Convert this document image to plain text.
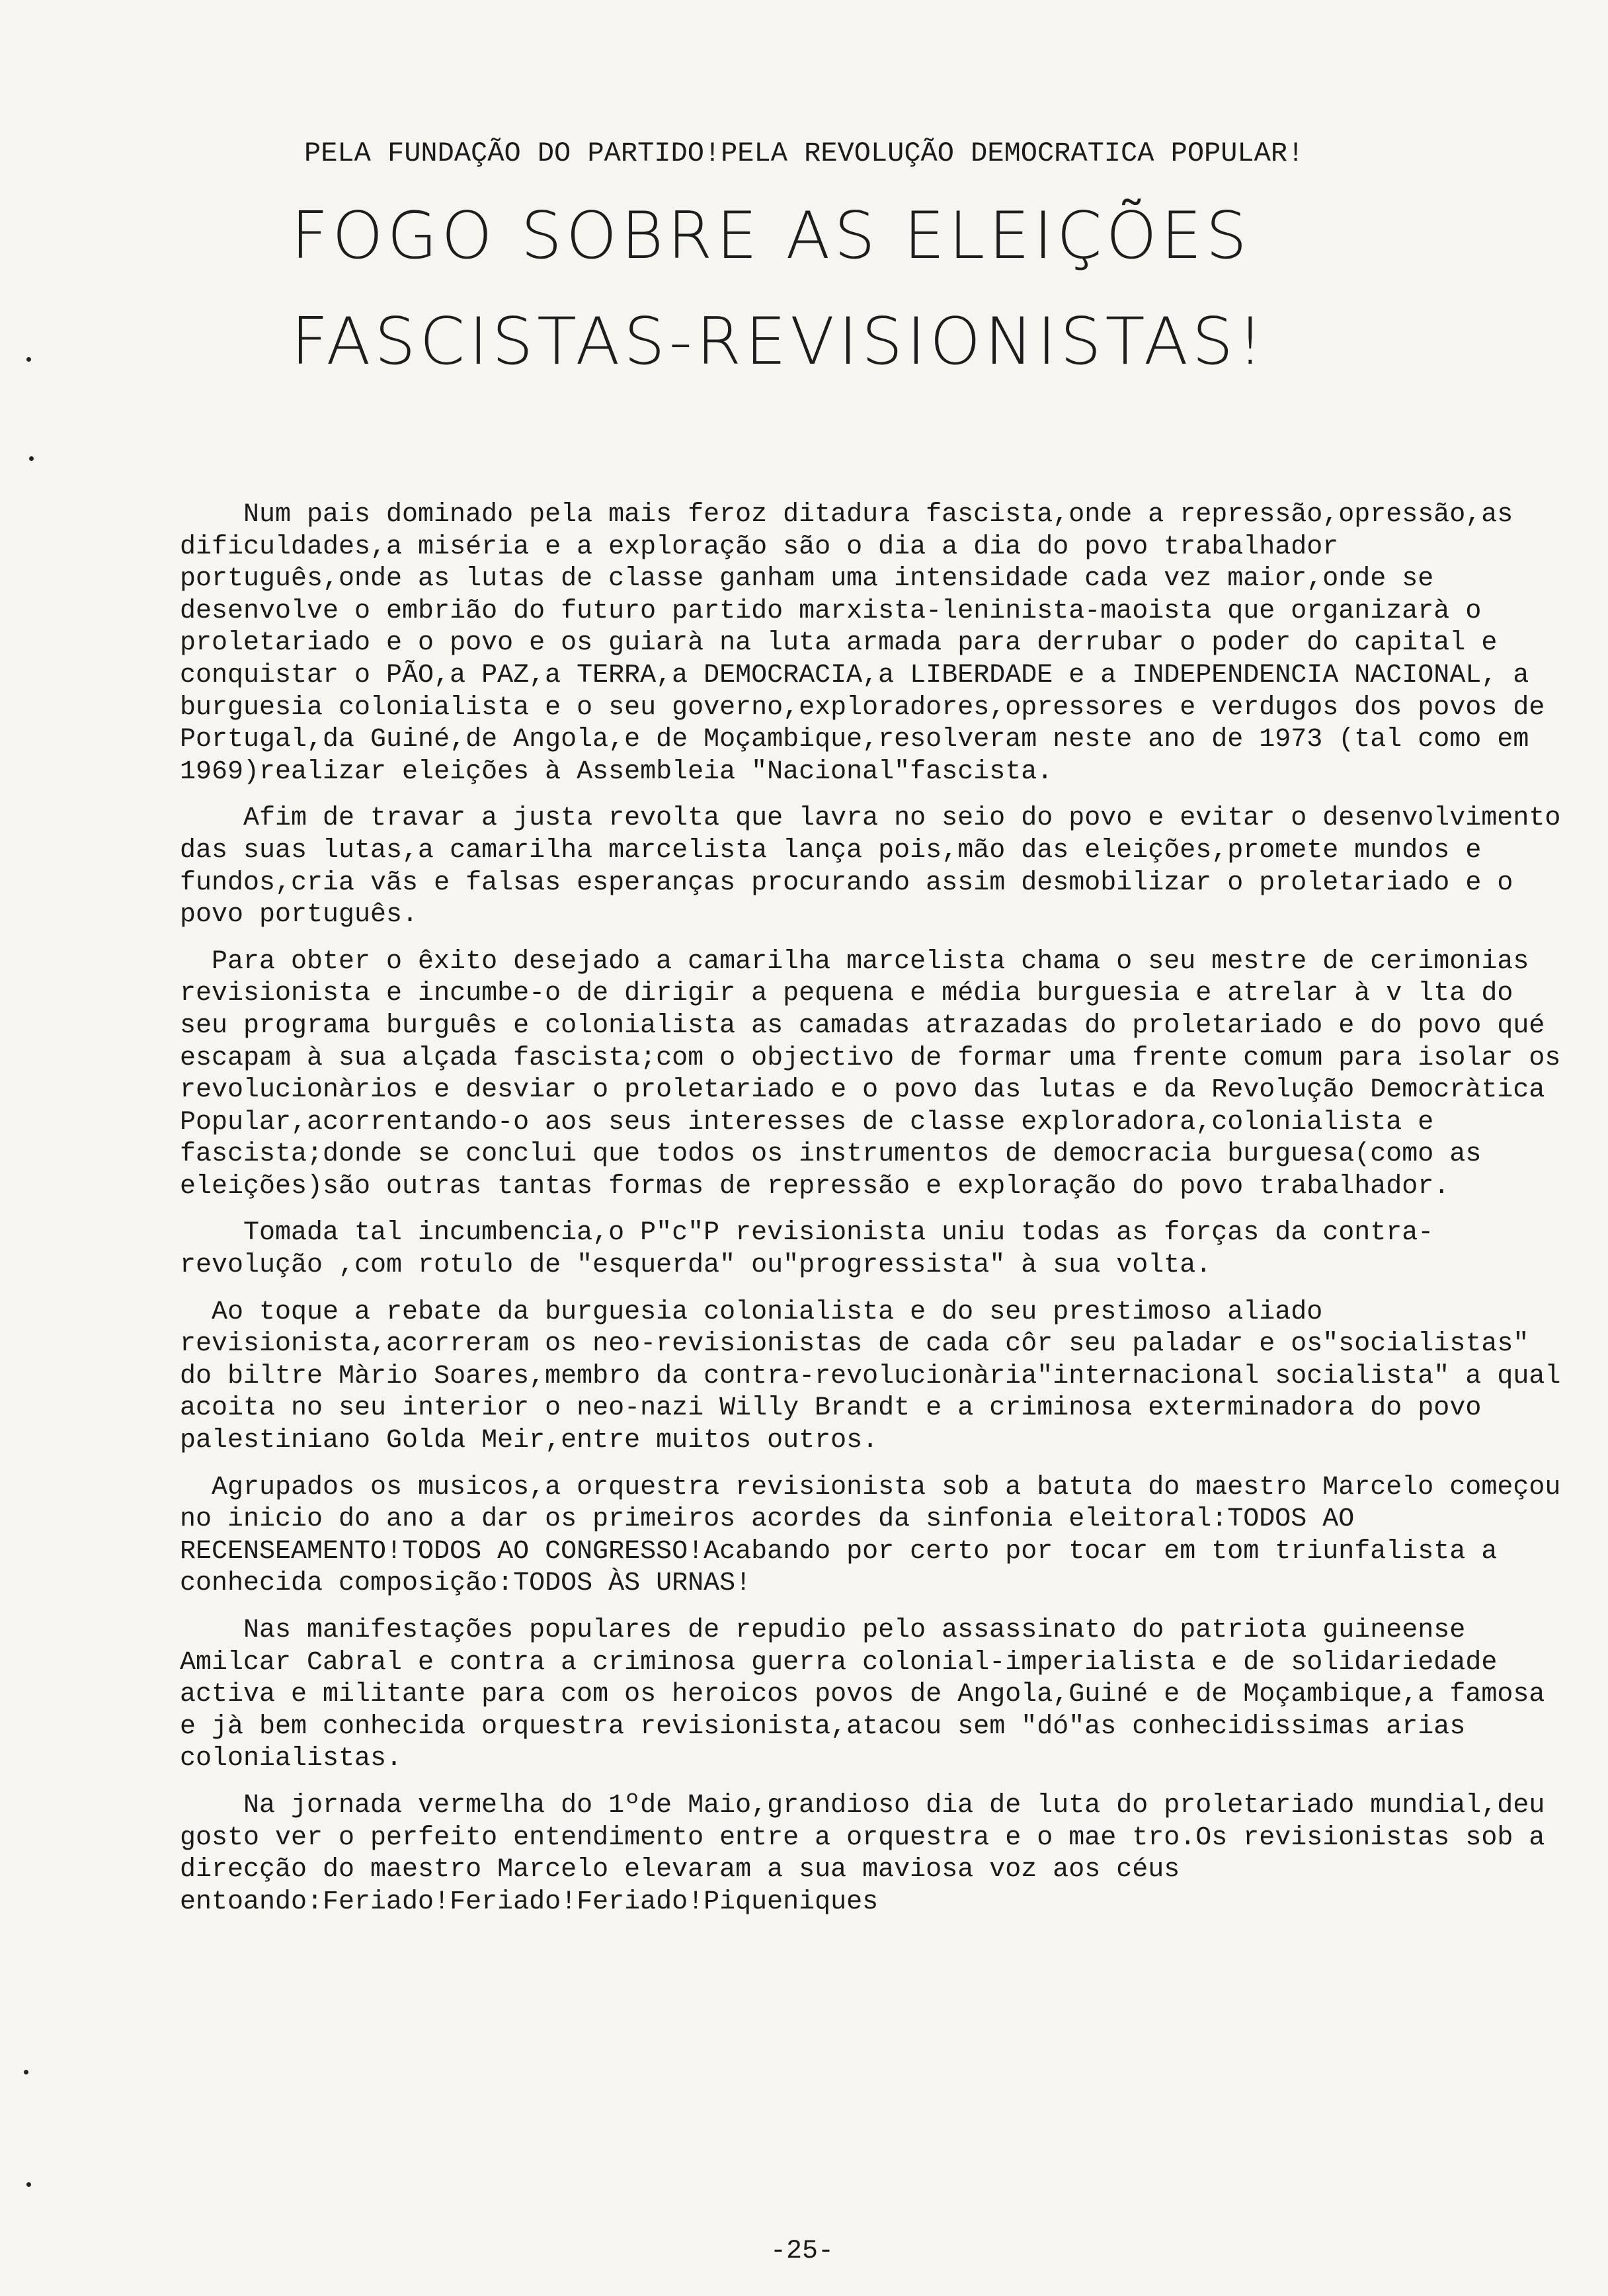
PELA FUNDAÇÃO DO PARTIDO!PELA REVOLUÇÃO DEMOCRATICA POPULAR!
FOGO SOBRE AS ELEIÇÕES
FASCISTAS-REVISIONISTAS!

Num pais dominado pela mais feroz ditadura fascista,onde a repressão,opressão,as dificuldades,a miséria e a exploração são o dia a dia do povo trabalhador português,onde as lutas de classe ganham uma intensidade cada vez maior,onde se desenvolve o embrião do futuro partido marxista-leninista-maoista que organizarà o proletariado e o povo e os guiarà na luta armada para derrubar o poder do capital e conquistar o PÃO,a PAZ,a TERRA,a DEMOCRACIA,a LIBERDADE e a INDEPENDENCIA NACIONAL, a burguesia colonialista e o seu governo,exploradores,opressores e verdugos dos povos de Portugal,da Guiné,de Angola,e de Moçambique,resolveram neste ano de 1973 (tal como em 1969)realizar eleições à Assembleia "Nacional"fascista.

Afim de travar a justa revolta que lavra no seio do povo e evitar o desenvolvimento das suas lutas,a camarilha marcelista lança pois,mão das eleições,promete mundos e fundos,cria vãs e falsas esperanças procurando assim desmobilizar o proletariado e o povo português.

Para obter o êxito desejado a camarilha marcelista chama o seu mestre de cerimonias revisionista e incumbe-o de dirigir a pequena e média burguesia e atrelar à v lta do seu programa burguês e colonialista as camadas atrazadas do proletariado e do povo qué escapam à sua alçada fascista;com o objectivo de formar uma frente comum para isolar os revolucionàrios e desviar o proletariado e o povo das lutas e da Revolução Democràtica Popular,acorrentando-o aos seus interesses de classe exploradora,colonialista e fascista;donde se conclui que todos os instrumentos de democracia burguesa(como as eleições)são outras tantas formas de repressão e exploração do povo trabalhador.

Tomada tal incumbencia,o P"c"P revisionista uniu todas as forças da contra-revolução ,com rotulo de "esquerda" ou"progressista" à sua volta.

Ao toque a rebate da burguesia colonialista e do seu prestimoso aliado revisionista,acorreram os neo-revisionistas de cada côr seu paladar e os"socialistas" do biltre Màrio Soares,membro da contra-revolucionària"internacional socialista" a qual acoita no seu interior o neo-nazi Willy Brandt e a criminosa exterminadora do povo palestiniano Golda Meir,entre muitos outros.

Agrupados os musicos,a orquestra revisionista sob a batuta do maestro Marcelo começou no inicio do ano a dar os primeiros acordes da sinfonia eleitoral:TODOS AO RECENSEAMENTO!TODOS AO CONGRESSO!Acabando por certo por tocar em tom triunfalista a conhecida composição:TODOS ÀS URNAS!

Nas manifestações populares de repudio pelo assassinato do patriota guineense Amilcar Cabral e contra a criminosa guerra colonial-imperialista e de solidariedade activa e militante para com os heroicos povos de Angola,Guiné e de Moçambique,a famosa e jà bem conhecida orquestra revisionista,atacou sem "dó"as conhecidissimas arias colonialistas.

Na jornada vermelha do 1ºde Maio,grandioso dia de luta do proletariado mundial,deu gosto ver o perfeito entendimento entre a orquestra e o mae tro.Os revisionistas sob a direcção do maestro Marcelo elevaram a sua maviosa voz aos céus entoando:Feriado!Feriado!Feriado!Piqueniques

-25-
